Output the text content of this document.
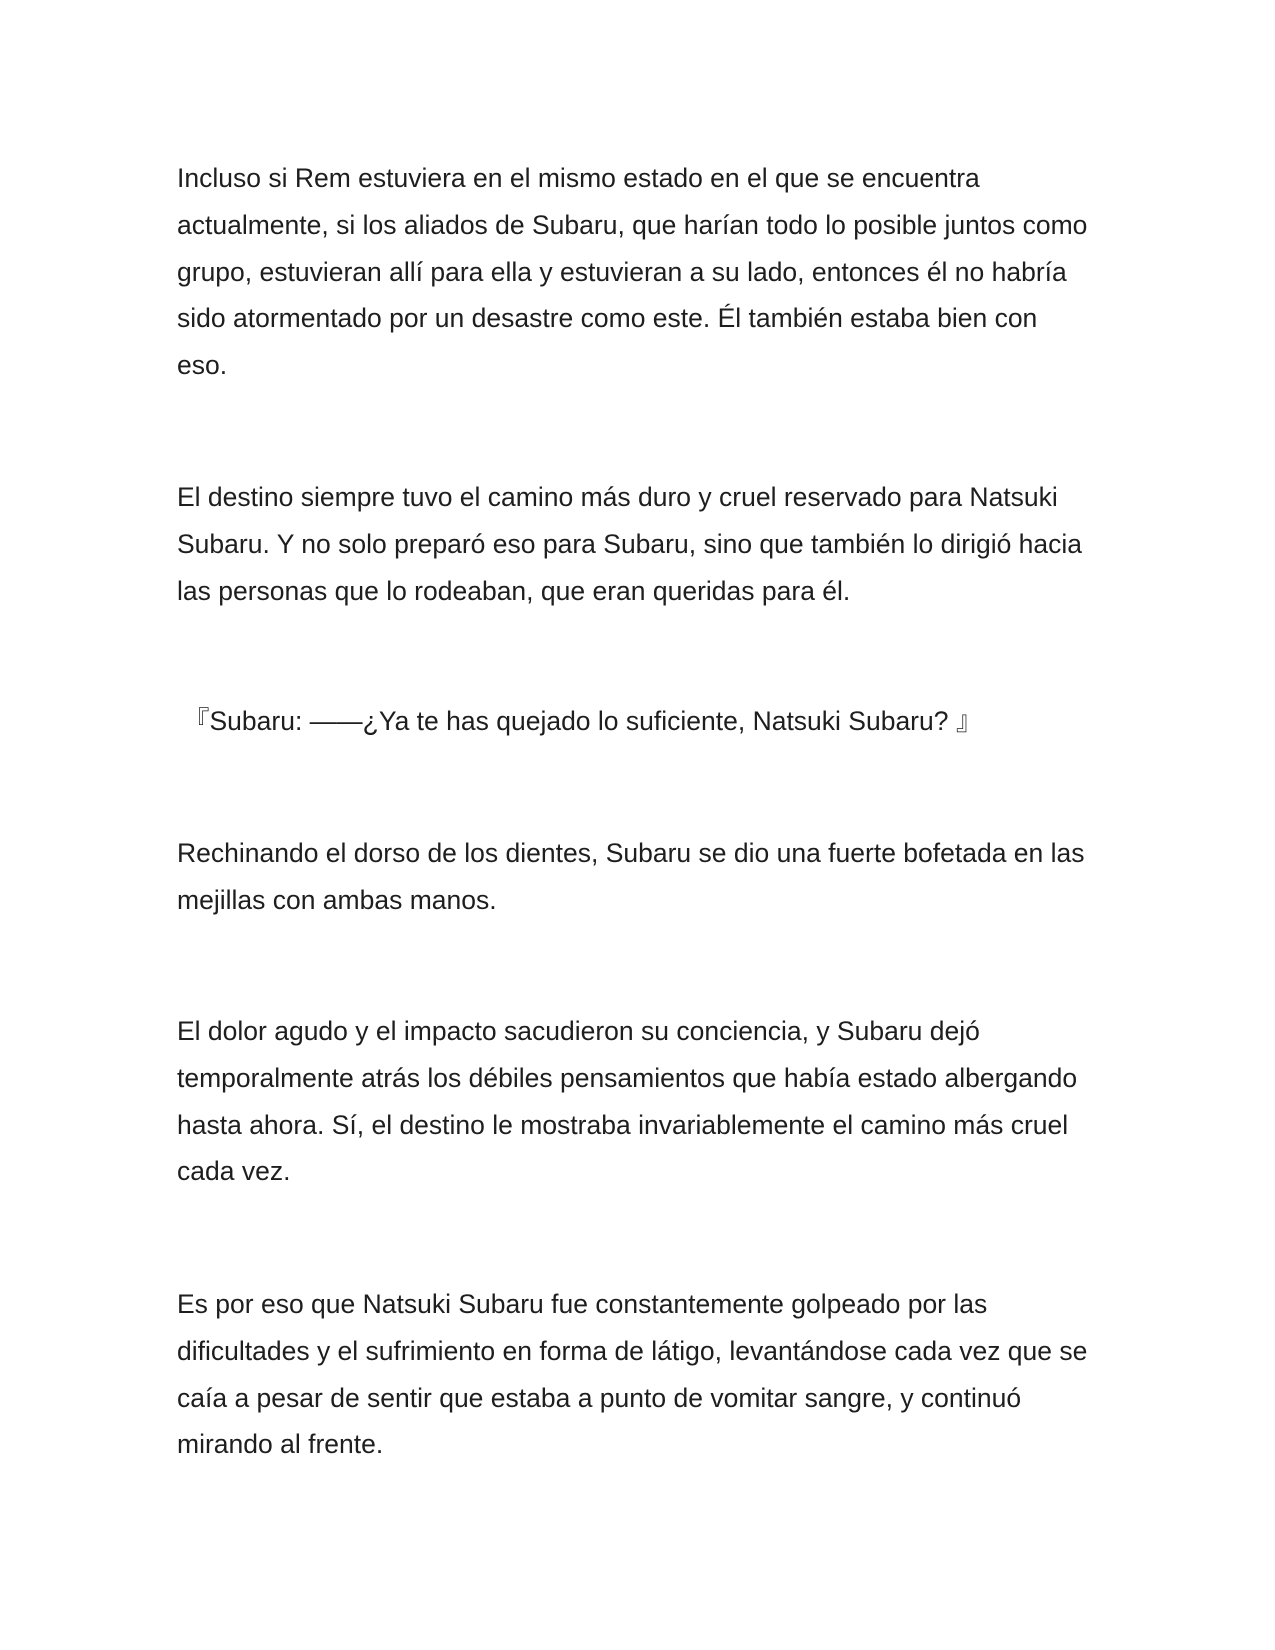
Incluso si Rem estuviera en el mismo estado en el que se encuentra
actualmente, si los aliados de Subaru, que harían todo lo posible juntos como
grupo, estuvieran allí para ella y estuvieran a su lado, entonces él no habría
sido atormentado por un desastre como este. Él también estaba bien con
eso.

El destino siempre tuvo el camino más duro y cruel reservado para Natsuki
Subaru. Y no solo preparó eso para Subaru, sino que también lo dirigió hacia
las personas que lo rodeaban, que eran queridas para él.

『Subaru: ——¿Ya te has quejado lo suficiente, Natsuki Subaru? 』

Rechinando el dorso de los dientes, Subaru se dio una fuerte bofetada en las
mejillas con ambas manos.

El dolor agudo y el impacto sacudieron su conciencia, y Subaru dejó
temporalmente atrás los débiles pensamientos que había estado albergando
hasta ahora. Sí, el destino le mostraba invariablemente el camino más cruel
cada vez.

Es por eso que Natsuki Subaru fue constantemente golpeado por las
dificultades y el sufrimiento en forma de látigo, levantándose cada vez que se
caía a pesar de sentir que estaba a punto de vomitar sangre, y continuó
mirando al frente.
